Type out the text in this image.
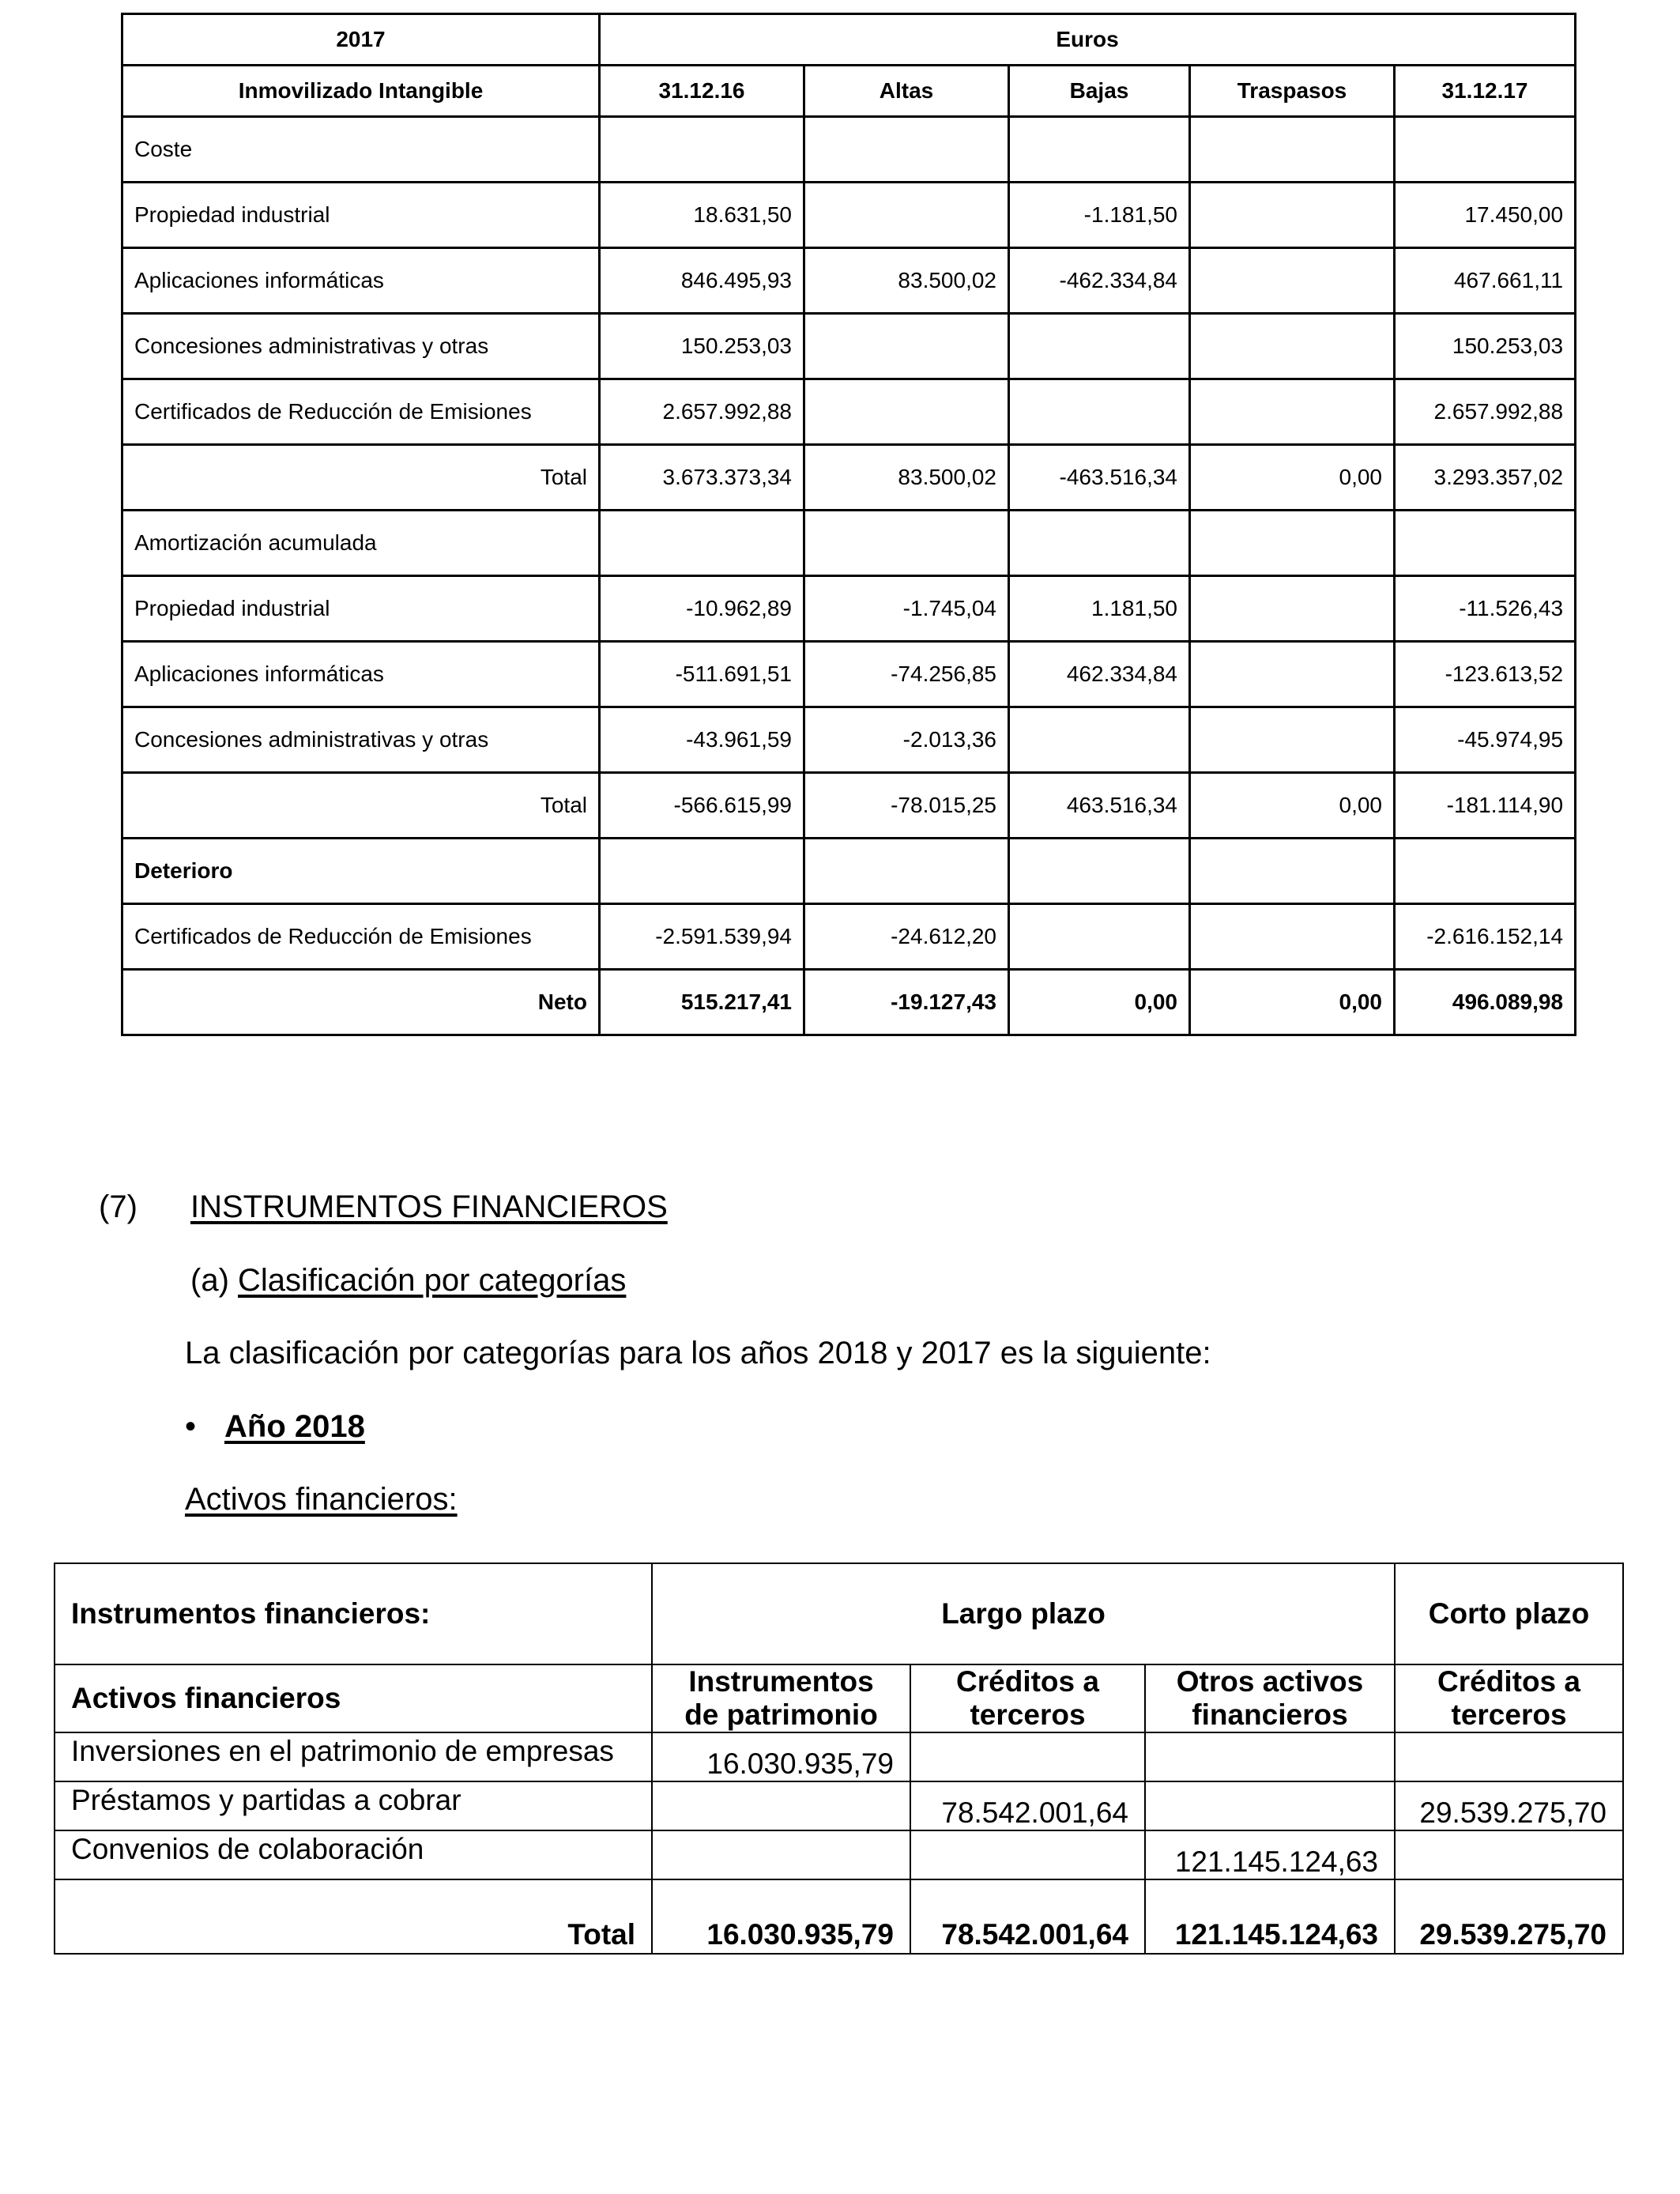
2017	Euros				
Inmovilizado Intangible	31.12.16	Altas	Bajas	Traspasos	31.12.17
Coste					
Propiedad industrial	18.631,50		-1.181,50		17.450,00
Aplicaciones informáticas	846.495,93	83.500,02	-462.334,84		467.661,11
Concesiones administrativas y otras	150.253,03				150.253,03
Certificados de Reducción de Emisiones	2.657.992,88				2.657.992,88
Total	3.673.373,34	83.500,02	-463.516,34	0,00	3.293.357,02
Amortización acumulada					
Propiedad industrial	-10.962,89	-1.745,04	1.181,50		-11.526,43
Aplicaciones informáticas	-511.691,51	-74.256,85	462.334,84		-123.613,52
Concesiones administrativas y otras	-43.961,59	-2.013,36			-45.974,95
Total	-566.615,99	-78.015,25	463.516,34	0,00	-181.114,90
Deterioro					
Certificados de Reducción de Emisiones	-2.591.539,94	-24.612,20			-2.616.152,14
Neto	515.217,41	-19.127,43	0,00	0,00	496.089,98
(7) INSTRUMENTOS FINANCIEROS
(a) Clasificación por categorías
La clasificación por categorías para los años 2018 y 2017 es la siguiente:
• Año 2018
Activos financieros:
Instrumentos financieros:	Largo plazo			Corto plazo
Activos financieros	Instrumentos de patrimonio	Créditos a terceros	Otros activos financieros	Créditos a terceros
Inversiones en el patrimonio de empresas	16.030.935,79			
Préstamos y partidas a cobrar		78.542.001,64		29.539.275,70
Convenios de colaboración			121.145.124,63	
Total	16.030.935,79	78.542.001,64	121.145.124,63	29.539.275,70
